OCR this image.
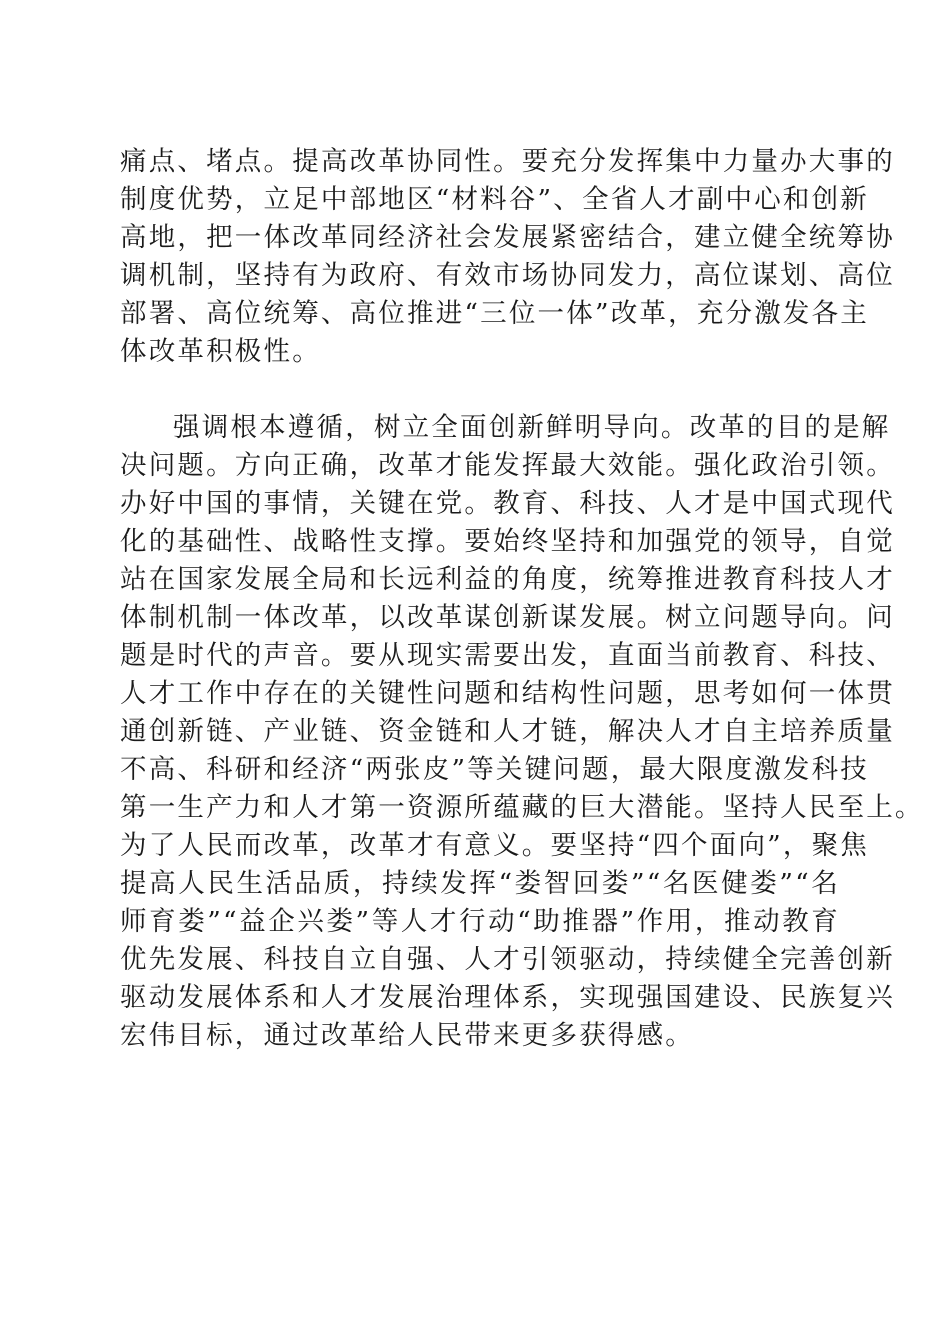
痛点、堵点。提高改革协同性。要充分发挥集中力量办大事的
制度优势，立足中部地区“材料谷”、全省人才副中心和创新
高地，把一体改革同经济社会发展紧密结合，建立健全统筹协
调机制，坚持有为政府、有效市场协同发力，高位谋划、高位
部署、高位统筹、高位推进“三位一体”改革，充分激发各主
体改革积极性。
强调根本遵循，树立全面创新鲜明导向。改革的目的是解
决问题。方向正确，改革才能发挥最大效能。强化政治引领。
办好中国的事情，关键在党。教育、科技、人才是中国式现代
化的基础性、战略性支撑。要始终坚持和加强党的领导，自觉
站在国家发展全局和长远利益的角度，统筹推进教育科技人才
体制机制一体改革，以改革谋创新谋发展。树立问题导向。问
题是时代的声音。要从现实需要出发，直面当前教育、科技、
人才工作中存在的关键性问题和结构性问题，思考如何一体贯
通创新链、产业链、资金链和人才链，解决人才自主培养质量
不高、科研和经济“两张皮”等关键问题，最大限度激发科技
第一生产力和人才第一资源所蕴藏的巨大潜能。坚持人民至上。
为了人民而改革，改革才有意义。要坚持“四个面向”，聚焦
提高人民生活品质，持续发挥“娄智回娄”“名医健娄”“名
师育娄”“益企兴娄”等人才行动“助推器”作用，推动教育
优先发展、科技自立自强、人才引领驱动，持续健全完善创新
驱动发展体系和人才发展治理体系，实现强国建设、民族复兴
宏伟目标，通过改革给人民带来更多获得感。
